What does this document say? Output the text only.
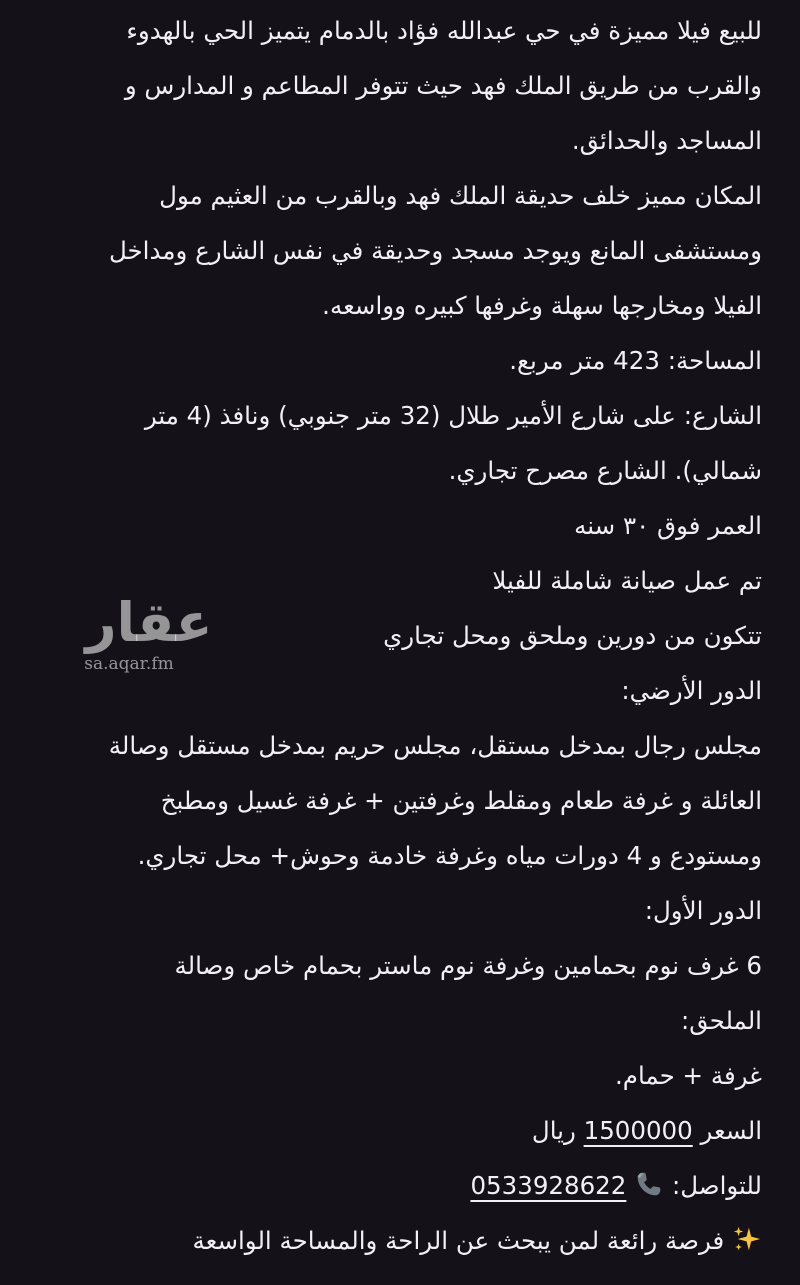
للبيع فيلا مميزة في حي عبدالله فؤاد بالدمام يتميز الحي بالهدوء
والقرب من طريق الملك فهد حيث تتوفر المطاعم و المدارس و
المساجد والحدائق.
المكان مميز خلف حديقة الملك فهد وبالقرب من العثيم مول
ومستشفى المانع ويوجد مسجد وحديقة في نفس الشارع ومداخل
الفيلا ومخارجها سهلة وغرفها كبيره وواسعه.
المساحة: 423 متر مربع.
الشارع: على شارع الأمير طلال (32 متر جنوبي) ونافذ (4 متر
شمالي). الشارع مصرح تجاري.
العمر فوق ٣٠ سنه
تم عمل صيانة شاملة للفيلا
تتكون من دورين وملحق ومحل تجاري
الدور الأرضي:
مجلس رجال بمدخل مستقل، مجلس حريم بمدخل مستقل وصالة
العائلة و غرفة طعام ومقلط وغرفتين + غرفة غسيل ومطبخ
ومستودع و 4 دورات مياه وغرفة خادمة وحوش+ محل تجاري.
الدور الأول:
6 غرف نوم بحمامين وغرفة نوم ماستر بحمام خاص وصالة
الملحق:
غرفة + حمام.
السعر 1500000 ريال
للتواصل:  0533928622
فرصة رائعة لمن يبحث عن الراحة والمساحة الواسعة
عقار
sa.aqar.fm
